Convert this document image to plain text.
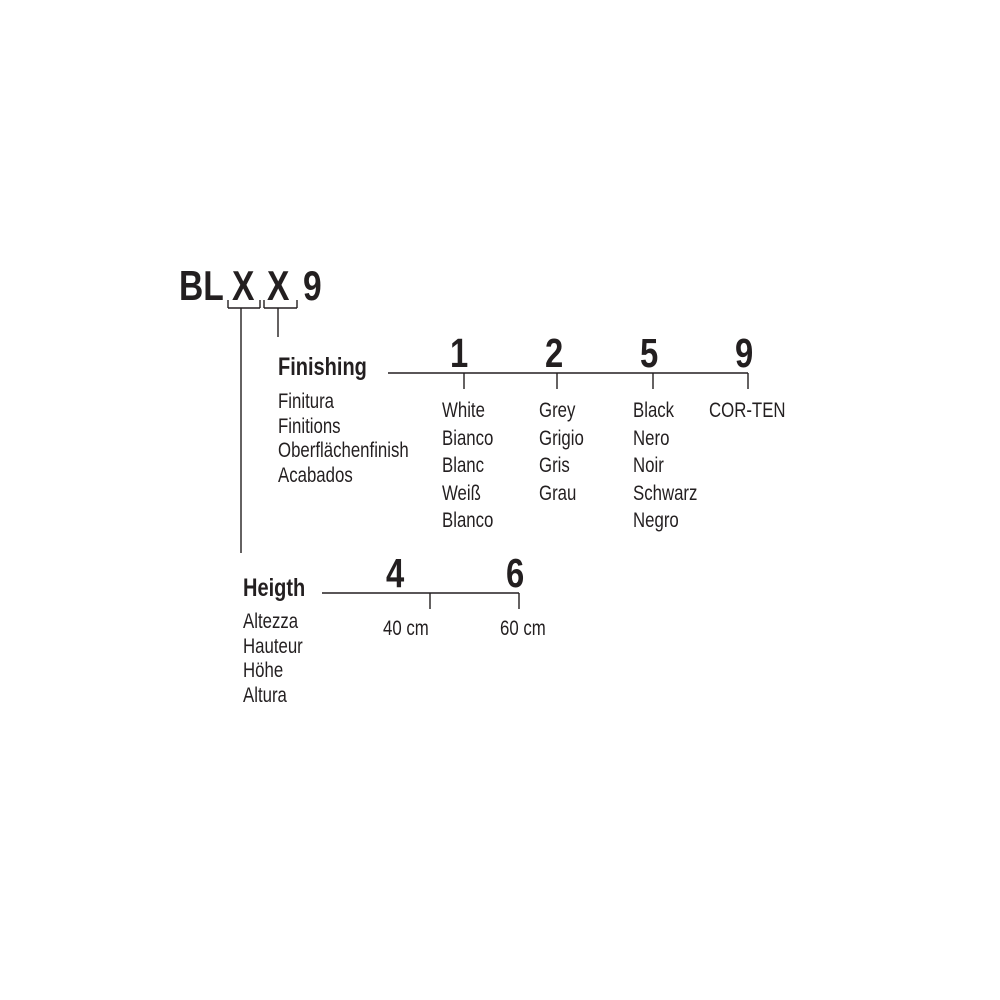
BL X X 9
Finishing
Finitura
Finitions
Oberflächenfinish
Acabados
1 2 5 9
White
Bianco
Blanc
Weiß
Blanco
Grey
Grigio
Gris
Grau
Black
Nero
Noir
Schwarz
Negro
COR-TEN
Heigth
Altezza
Hauteur
Höhe
Altura
4 6
40 cm	60 cm
